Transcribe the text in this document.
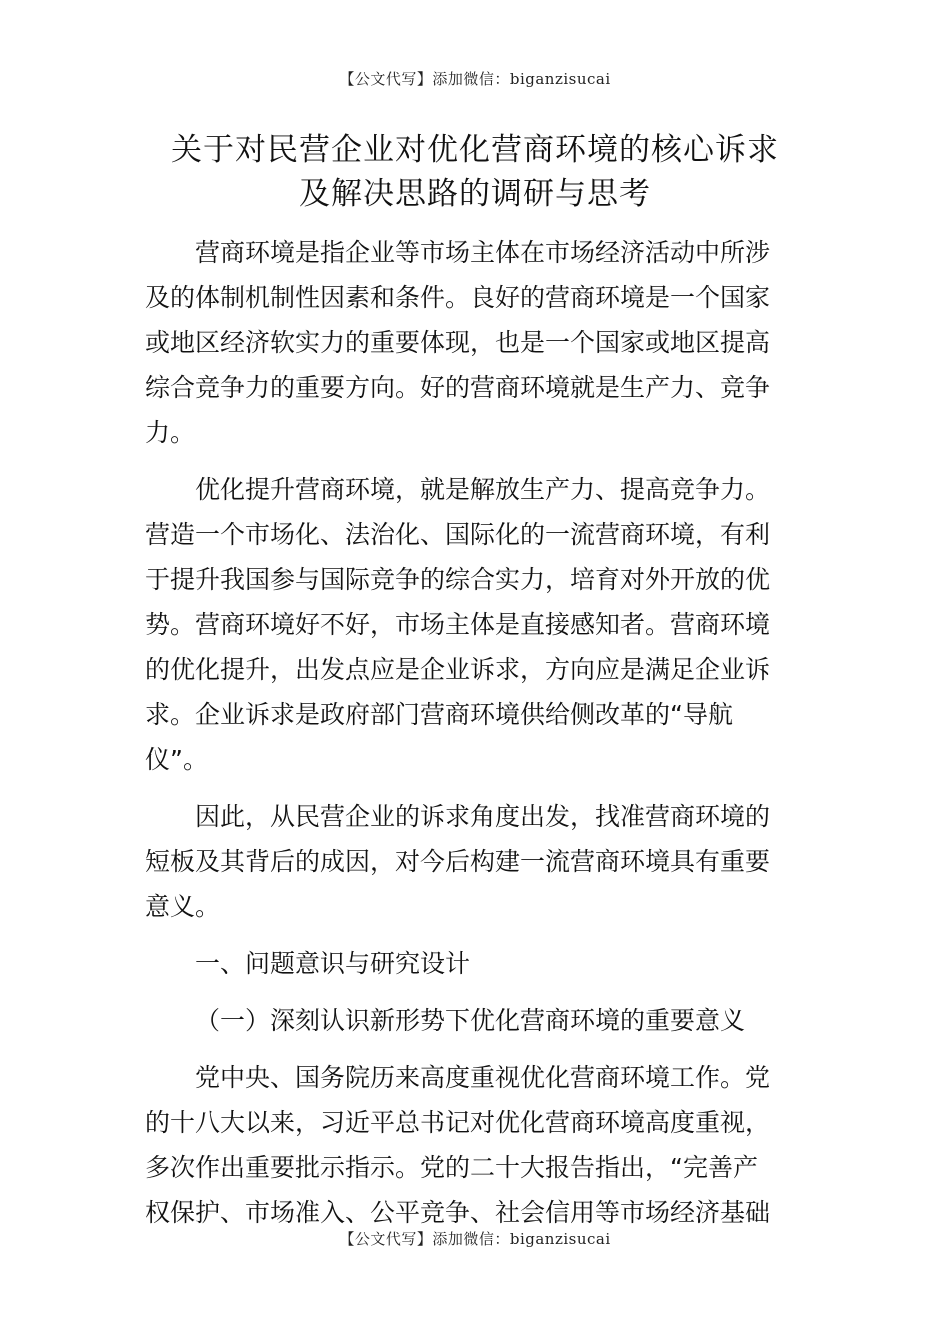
【公文代写】添加微信：biganzisucai
关于对民营企业对优化营商环境的核心诉求
及解决思路的调研与思考
营商环境是指企业等市场主体在市场经济活动中所涉
及的体制机制性因素和条件。良好的营商环境是一个国家
或地区经济软实力的重要体现，也是一个国家或地区提高
综合竞争力的重要方向。好的营商环境就是生产力、竞争
力。
优化提升营商环境，就是解放生产力、提高竞争力。
营造一个市场化、法治化、国际化的一流营商环境，有利
于提升我国参与国际竞争的综合实力，培育对外开放的优
势。营商环境好不好，市场主体是直接感知者。营商环境
的优化提升，出发点应是企业诉求，方向应是满足企业诉
求。企业诉求是政府部门营商环境供给侧改革的“导航
仪”。
因此，从民营企业的诉求角度出发，找准营商环境的
短板及其背后的成因，对今后构建一流营商环境具有重要
意义。
一、问题意识与研究设计
（一）深刻认识新形势下优化营商环境的重要意义
党中央、国务院历来高度重视优化营商环境工作。党
的十八大以来，习近平总书记对优化营商环境高度重视，
多次作出重要批示指示。党的二十大报告指出，“完善产
权保护、市场准入、公平竞争、社会信用等市场经济基础
【公文代写】添加微信：biganzisucai
